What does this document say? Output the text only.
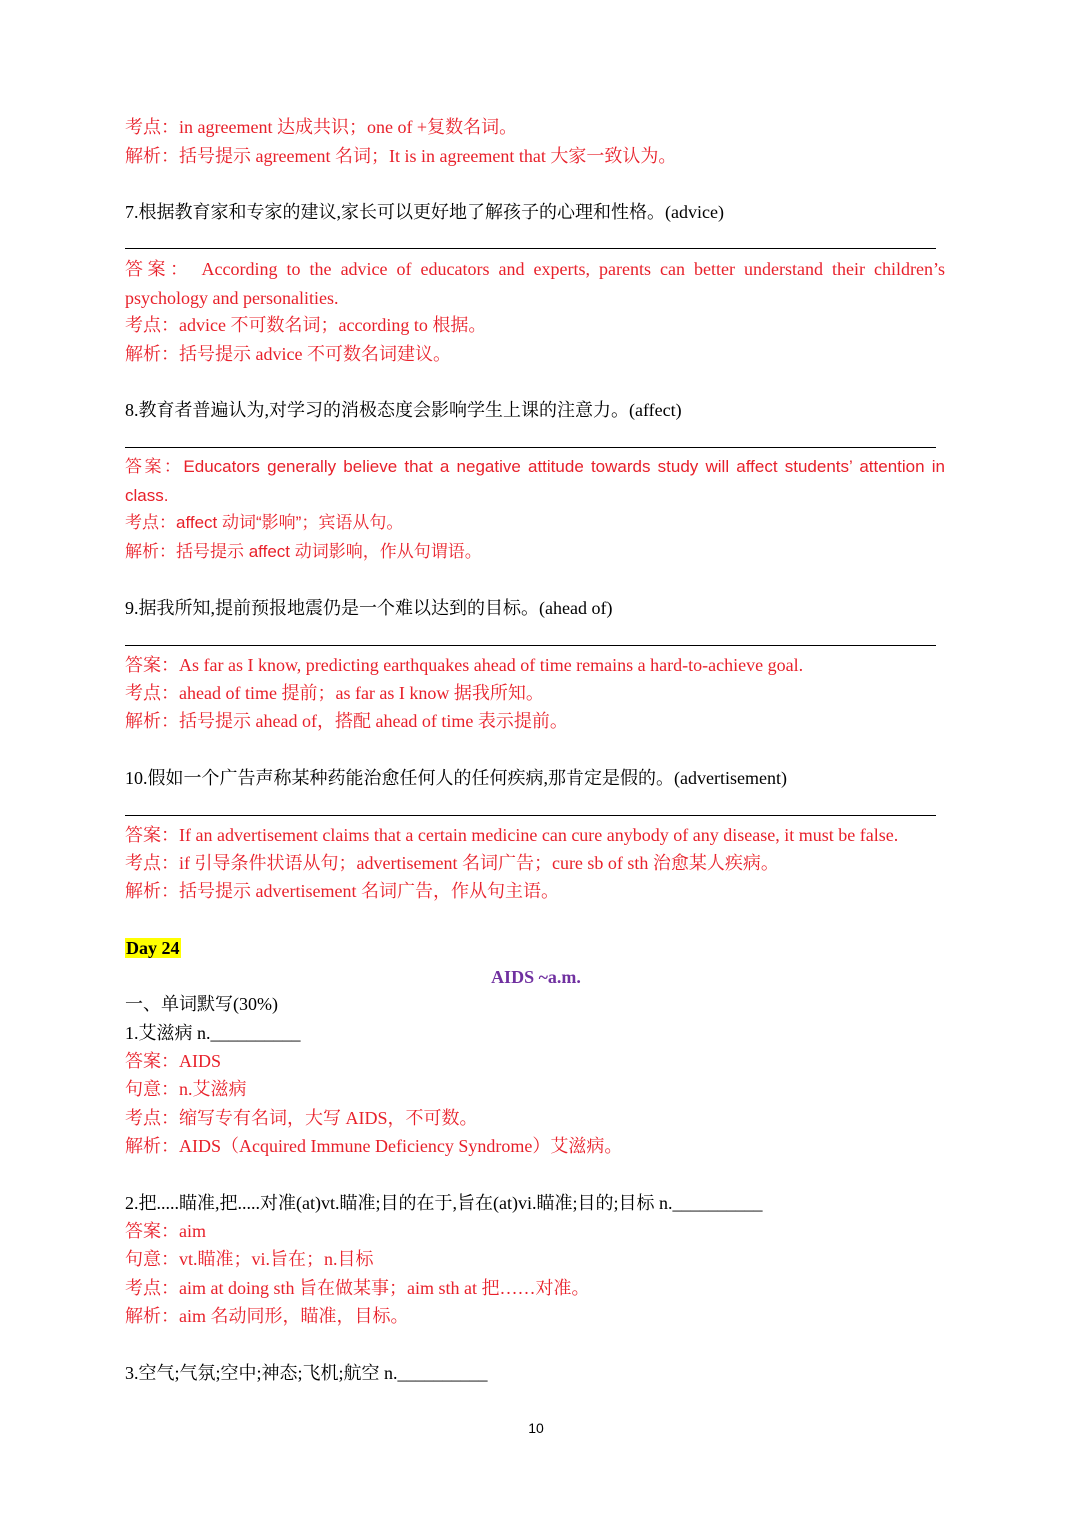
考点：in agreement 达成共识；one of +复数名词。
解析：括号提示 agreement 名词；It is in agreement that 大家一致认为。
7.根据教育家和专家的建议,家长可以更好地了解孩子的心理和性格。(advice)
答案： According to the advice of educators and experts, parents can better understand their children’s
psychology and personalities.
考点：advice 不可数名词；according to 根据。
解析：括号提示 advice 不可数名词建议。
8.教育者普遍认为,对学习的消极态度会影响学生上课的注意力。(affect)
答案：Educators generally believe that a negative attitude towards study will affect students’ attention in
class.
考点：affect 动词“影响”；宾语从句。
解析：括号提示 affect 动词影响，作从句谓语。
9.据我所知,提前预报地震仍是一个难以达到的目标。(ahead of)
答案：As far as I know, predicting earthquakes ahead of time remains a hard-to-achieve goal.
考点：ahead of time 提前；as far as I know 据我所知。
解析：括号提示 ahead of，搭配 ahead of time 表示提前。
10.假如一个广告声称某种药能治愈任何人的任何疾病,那肯定是假的。(advertisement)
答案：If an advertisement claims that a certain medicine can cure anybody of any disease, it must be false.
考点：if 引导条件状语从句；advertisement 名词广告；cure sb of sth 治愈某人疾病。
解析：括号提示 advertisement 名词广告，作从句主语。
Day 24
AIDS ~a.m.
一、单词默写(30%)
1.艾滋病 n.__________
答案：AIDS
句意：n.艾滋病
考点：缩写专有名词，大写 AIDS，不可数。
解析：AIDS（Acquired Immune Deficiency Syndrome）艾滋病。
2.把.....瞄准,把.....对准(at)vt.瞄准;目的在于,旨在(at)vi.瞄准;目的;目标 n.__________
答案：aim
句意：vt.瞄准；vi.旨在；n.目标
考点：aim at doing sth 旨在做某事；aim sth at 把……对准。
解析：aim 名动同形，瞄准，目标。
3.空气;气氛;空中;神态;飞机;航空 n.__________
10
